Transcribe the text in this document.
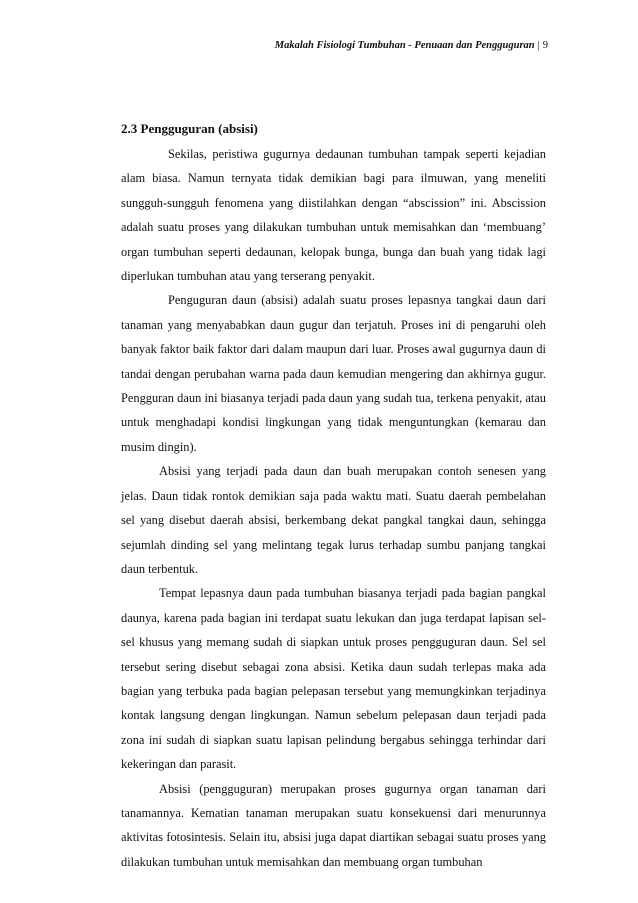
Makalah Fisiologi Tumbuhan - Penuaan dan Pengguguran | 9
2.3 Pengguguran (absisi)

Sekilas, peristiwa gugurnya dedaunan tumbuhan tampak seperti kejadian alam biasa. Namun ternyata tidak demikian bagi para ilmuwan, yang meneliti sungguh-sungguh fenomena yang diistilahkan dengan “abscission” ini. Abscission adalah suatu proses yang dilakukan tumbuhan untuk memisahkan dan ‘membuang’ organ tumbuhan seperti dedaunan, kelopak bunga, bunga dan buah yang tidak lagi diperlukan tumbuhan atau yang terserang penyakit.

Penguguran daun (absisi) adalah suatu proses lepasnya tangkai daun dari tanaman yang menyababkan daun gugur dan terjatuh. Proses ini di pengaruhi oleh banyak faktor baik faktor dari dalam maupun dari luar. Proses awal gugurnya daun di tandai dengan perubahan warna pada daun kemudian mengering dan akhirnya gugur. Pengguran daun ini biasanya terjadi pada daun yang sudah tua, terkena penyakit, atau untuk menghadapi kondisi lingkungan yang tidak menguntungkan (kemarau dan musim dingin).

Absisi yang terjadi pada daun dan buah merupakan contoh senesen yang jelas. Daun tidak rontok demikian saja pada waktu mati. Suatu daerah pembelahan sel yang disebut daerah absisi, berkembang dekat pangkal tangkai daun, sehingga sejumlah dinding sel yang melintang tegak lurus terhadap sumbu panjang tangkai daun terbentuk.

Tempat lepasnya daun pada tumbuhan biasanya terjadi pada bagian pangkal daunya, karena pada bagian ini terdapat suatu lekukan dan juga terdapat lapisan sel-sel khusus yang memang sudah di siapkan untuk proses pengguguran daun. Sel sel tersebut sering disebut sebagai zona absisi. Ketika daun sudah terlepas maka ada bagian yang terbuka pada bagian pelepasan tersebut yang memungkinkan terjadinya kontak langsung dengan lingkungan. Namun sebelum pelepasan daun terjadi pada zona ini sudah di siapkan suatu lapisan pelindung bergabus sehingga terhindar dari kekeringan dan parasit.

Absisi (pengguguran) merupakan proses gugurnya organ tanaman dari tanamannya. Kematian tanaman merupakan suatu konsekuensi dari menurunnya aktivitas fotosintesis. Selain itu, absisi juga dapat diartikan sebagai suatu proses yang dilakukan tumbuhan untuk memisahkan dan membuang organ tumbuhan
